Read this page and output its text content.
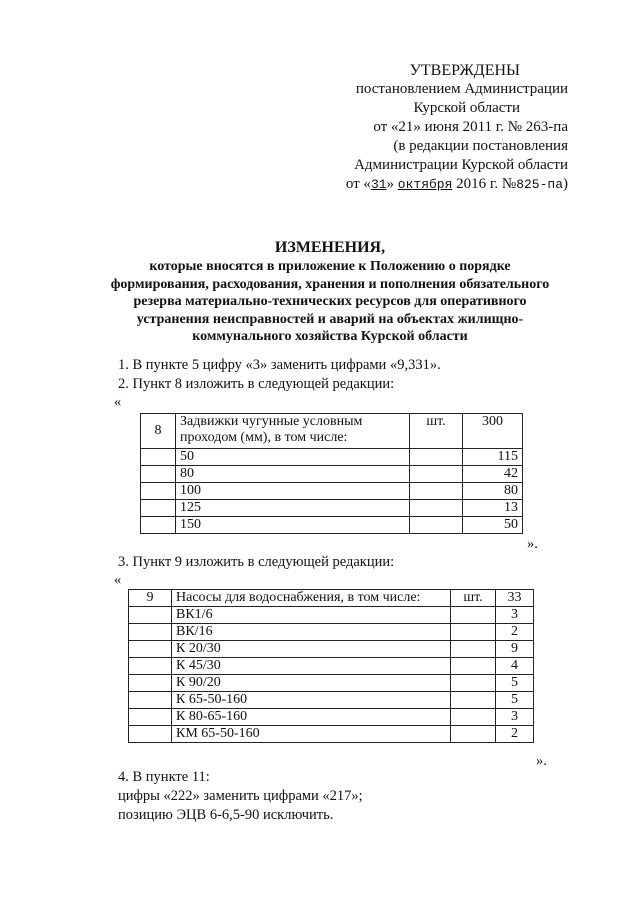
УТВЕРЖДЕНЫ
постановлением Администрации
Курской области
от «21» июня 2011 г. № 263-па
(в редакции постановления
Администрации Курской области
от «31» октября 2016 г. №825-па)
ИЗМЕНЕНИЯ,
которые вносятся в приложение к Положению о порядке
формирования, расходования, хранения и пополнения обязательного
резерва материально-технических ресурсов для оперативного
устранения неисправностей и аварий на объектах жилищно-
коммунального хозяйства Курской области
1. В пункте 5 цифру «3» заменить цифрами «9,331».
2. Пункт 8 изложить в следующей редакции:
«
8	Задвижки чугунные условным проходом (мм), в том числе:	шт.	300
	50		115
	80		42
	100		80
	125		13
	150		50
».
3. Пункт 9 изложить в следующей редакции:
«
9	Насосы для водоснабжения, в том числе:	шт.	33
	ВК1/6		3
	ВК/16		2
	К 20/30		9
	К 45/30		4
	К 90/20		5
	К 65-50-160		5
	К 80-65-160		3
	КМ 65-50-160		2
».
4. В пункте 11:
цифры «222» заменить цифрами «217»;
позицию ЭЦВ 6-6,5-90 исключить.
